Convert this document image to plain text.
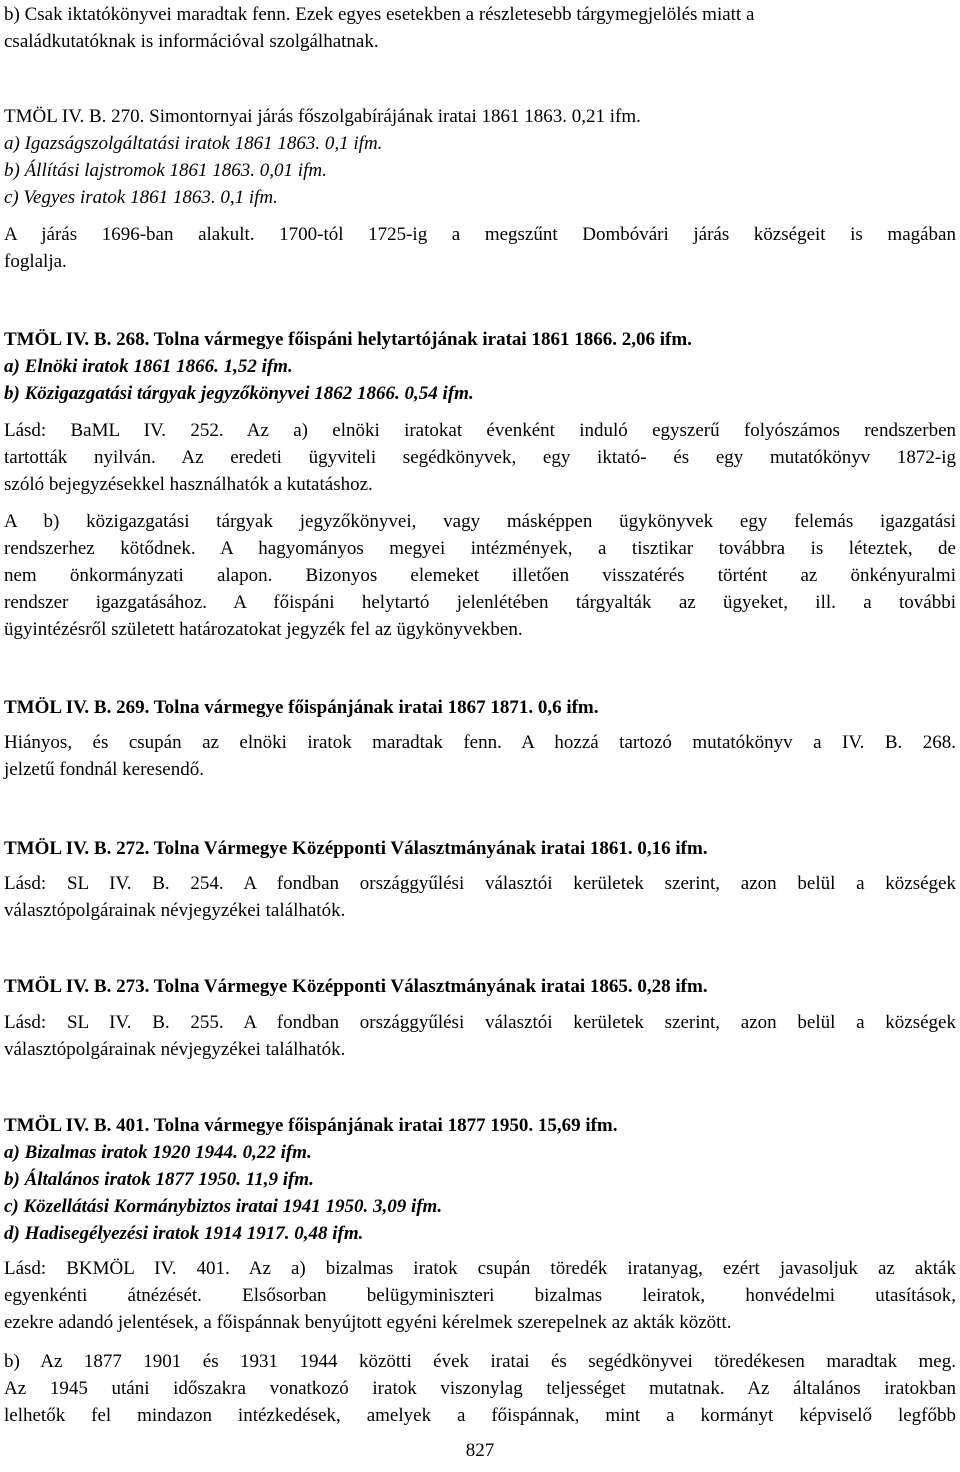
b) Csak iktatókönyvei maradtak fenn. Ezek egyes esetekben a részletesebb tárgymegjelölés miatt a

családkutatóknak is információval szolgálhatnak.

TMÖL IV. B. 270. Simontornyai járás főszolgabírájának iratai 1861 1863. 0,21 ifm.

a) Igazságszolgáltatási iratok 1861 1863. 0,1 ifm.

b) Állítási lajstromok 1861 1863. 0,01 ifm.

c) Vegyes iratok 1861 1863. 0,1 ifm.

A járás 1696-ban alakult. 1700-tól 1725-ig a megszűnt Dombóvári járás községeit is magában

foglalja.

TMÖL IV. B. 268. Tolna vármegye főispáni helytartójának iratai 1861 1866. 2,06 ifm.

a) Elnöki iratok 1861 1866. 1,52 ifm.

b) Közigazgatási tárgyak jegyzőkönyvei 1862 1866. 0,54 ifm.

Lásd: BaML IV. 252. Az a) elnöki iratokat évenként induló egyszerű folyószámos rendszerben

tartották nyilván. Az eredeti ügyviteli segédkönyvek, egy iktató- és egy mutatókönyv 1872-ig

szóló bejegyzésekkel használhatók a kutatáshoz.

A b) közigazgatási tárgyak jegyzőkönyvei, vagy másképpen ügykönyvek egy felemás igazgatási

rendszerhez kötődnek. A hagyományos megyei intézmények, a tisztikar továbbra is léteztek, de

nem önkormányzati alapon. Bizonyos elemeket illetően visszatérés történt az önkényuralmi

rendszer igazgatásához. A főispáni helytartó jelenlétében tárgyalták az ügyeket, ill. a további

ügyintézésről született határozatokat jegyzék fel az ügykönyvekben.

TMÖL IV. B. 269. Tolna vármegye főispánjának iratai 1867 1871. 0,6 ifm.

Hiányos, és csupán az elnöki iratok maradtak fenn. A hozzá tartozó mutatókönyv a IV. B. 268.

jelzetű fondnál keresendő.

TMÖL IV. B. 272. Tolna Vármegye Középponti Választmányának iratai 1861. 0,16 ifm.

Lásd: SL IV. B. 254. A fondban országgyűlési választói kerületek szerint, azon belül a községek

választópolgárainak névjegyzékei találhatók.

TMÖL IV. B. 273. Tolna Vármegye Középponti Választmányának iratai 1865. 0,28 ifm.

Lásd: SL IV. B. 255. A fondban országgyűlési választói kerületek szerint, azon belül a községek

választópolgárainak névjegyzékei találhatók.

TMÖL IV. B. 401. Tolna vármegye főispánjának iratai 1877 1950. 15,69 ifm.

a) Bizalmas iratok 1920 1944. 0,22 ifm.

b) Általános iratok 1877 1950. 11,9 ifm.

c) Közellátási Kormánybiztos iratai 1941 1950. 3,09 ifm.

d) Hadisegélyezési iratok 1914 1917. 0,48 ifm.

Lásd: BKMÖL IV. 401. Az a) bizalmas iratok csupán töredék iratanyag, ezért javasoljuk az akták

egyenkénti átnézését. Elsősorban belügyminiszteri bizalmas leiratok, honvédelmi utasítások,

ezekre adandó jelentések, a főispánnak benyújtott egyéni kérelmek szerepelnek az akták között.

b) Az 1877 1901 és 1931 1944 közötti évek iratai és segédkönyvei töredékesen maradtak meg.

Az 1945 utáni időszakra vonatkozó iratok viszonylag teljességet mutatnak. Az általános iratokban

lelhetők fel mindazon intézkedések, amelyek a főispánnak, mint a kormányt képviselő legfőbb

827
